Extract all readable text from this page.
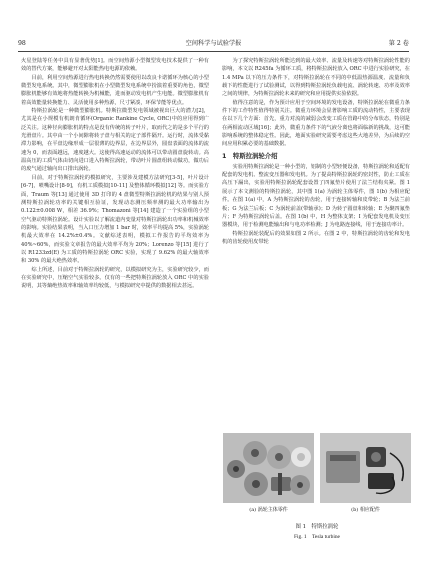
98	空间科学与试验学报	第 2 卷

火星登陆等任务中具有显著优势[1]。而空间热源小型微型发电技术提供了一种有效的替代方案，能够避开对太阳能热电电源的依赖。

目前，利用空间热源进行热电转换仍然需要使用以改良卡诺循环为核心的小型微型发电系统。其中，微型膨胀机在小型微型发电系统中扮演着重要的角色，微型膨胀机能够有效地将热能转换为机械能，进而驱动发电机产生电能。微型膨胀机有着高效能量转换能力、灵活使用多种热源，尺寸紧凑，环保节能等优点。

特斯拉涡轮是一种微型膨胀机。特斯拉微型发电领域被视出巨大的潜力[2]，尤其是在小规模有机朗肯循环(Organic Rankine Cycle, ORC)中的应用得到广泛关注。这种径向膨胀机的特点是没有传统的转子叶片，取而代之的是多个平行的光滑盘片。其中由一个小间隙将转子盘与相关的定子部件隔开。运行时，流体受黏滞力影响，在平盘边缘形成一层很薄的边界层，在边界层外，圆盘表面的流体的流速为 0，而表面越远，速度越大。这使得高速运动的流体可以带动圆盘旋转动。高温高压的工质气体由切向进口进入特斯拉涡轮，带动叶片圆盘组转动做功，做功后的废气通过轴向出口排出涡轮。

目前，对于特斯拉涡轮的模拟研究，主要涉及建模方法研究[3-5]，叶片设计[6-7]，喷嘴设计[8-9]，有机工质模拟[10-11] 及整体循环模拟[12] 等。而实验方面，Traum 等[13] 通过使用 3D 打印的 4 盘微型特斯拉涡轮机的结果与别人预测特斯拉涡轮功率的关键相互验证，发现动态测压频率测的最大功率输出为 0.122±0.008 W，相差 36.9%；Thomazoni 等[14] 建造了一个实验组的小型空气驱动特斯拉涡轮。设计实验以了解流道内变量对特斯拉涡轮出功率和机械效率的影响。实验结果表明，当入口压力增加 1 bar 时，效率平均提高 5%，实验涡轮机最大效率在 14.2%±0.4%。文献综述表明，模拟工作报告的平均效率为 40%~60%，而实验文章报告的最大效率平均为 20%；Lorenzo 等[15] 进行了以 R1233zd(E) 为工质的特斯拉涡轮 ORC 实验，实现了 9.62% 的最大轴效率和 30% 的最大绝热效率。

综上所述，目前对于特斯拉涡轮的研究，以模拟研究为主，实验研究较少，而在实验研究中，压缩空气实验较多。仅有的一些把特斯拉涡轮放入 ORC 中的实验说明，其等熵绝热效率和轴效率均较低，与模拟研究中提供的数据相去甚远。

为了探究特斯拉涡轮所能达到的最大效率、流量及转速等对特斯拉涡轮性能的影响，本文以 R245fa 为循环工质，将特斯拉涡轮放入 ORC 中进行实验研究，在 1.4 MPa 以下的压力条件下，对特斯拉涡轮在不同的中低温热源温度、流量和负载下的性能进行了试验测试，以得到特斯拉涡轮负载电流、涡轮转速、功率及效率之间的规律，为特斯拉涡轮未来的研究和应用提供实验依据。

值得注意的是，作为预计应用于空间环境的发电设备，特斯拉涡轮在微重力条件下的工作特性值得特别关注。微重力环境会显著影响工质的流动特性，主要表现在以下几个方面：首先，重力对流的减弱会改变工质在管路中的分布状态，特别是在两相流动区域[16]；此外，微重力条件下的气液分离也将面临新的挑战，这可能影响系统的整体稳定性。因此，地面实验研究需要考虑这些大地差异，为后续的空间应用积累必要的基础数据。

1　特斯拉涡轮介绍

实验用特斯拉涡轮是一种小型的，铝制的小型轻便设备，特斯拉涡轮和适配有配套的发电机、整流变压器和发电机。为了提高特斯拉涡轮的密封性，防止工质在高压下漏出，实验用特斯拉涡轮配套设置了四氟垫片使用了法兰结构夹紧。图 1 展示了本文测验的特斯拉涡轮，其中图 1(a) 为涡轮主体零件，图 1(b) 为相应配件。在图 1(a) 中，A 为特斯拉涡轮的齿轮，用于连接转轴和皮带轮；B 为法兰前板；G 为法兰后板；C 为涡轮前盖(带轴承)；D 为转子圆盘和转轴；E 为聚四氟垫片；F 为特斯拉涡轮后盖。在图 1(b) 中，H 为整体支架；I 为配套发电机及变压器模块，用于检测电能输出和与电功率检测；J 为电路连接线，用于连接功率计。

特斯拉涡轮装配后的效果如图 2 所示。在图 2 中，特斯拉涡轮的齿轮和发电机的齿轮使用皮带轮

(a) 涡轮主体零件	(b) 相应配件
图 1　特斯拉涡轮
Fig. 1　Tesla turbine
